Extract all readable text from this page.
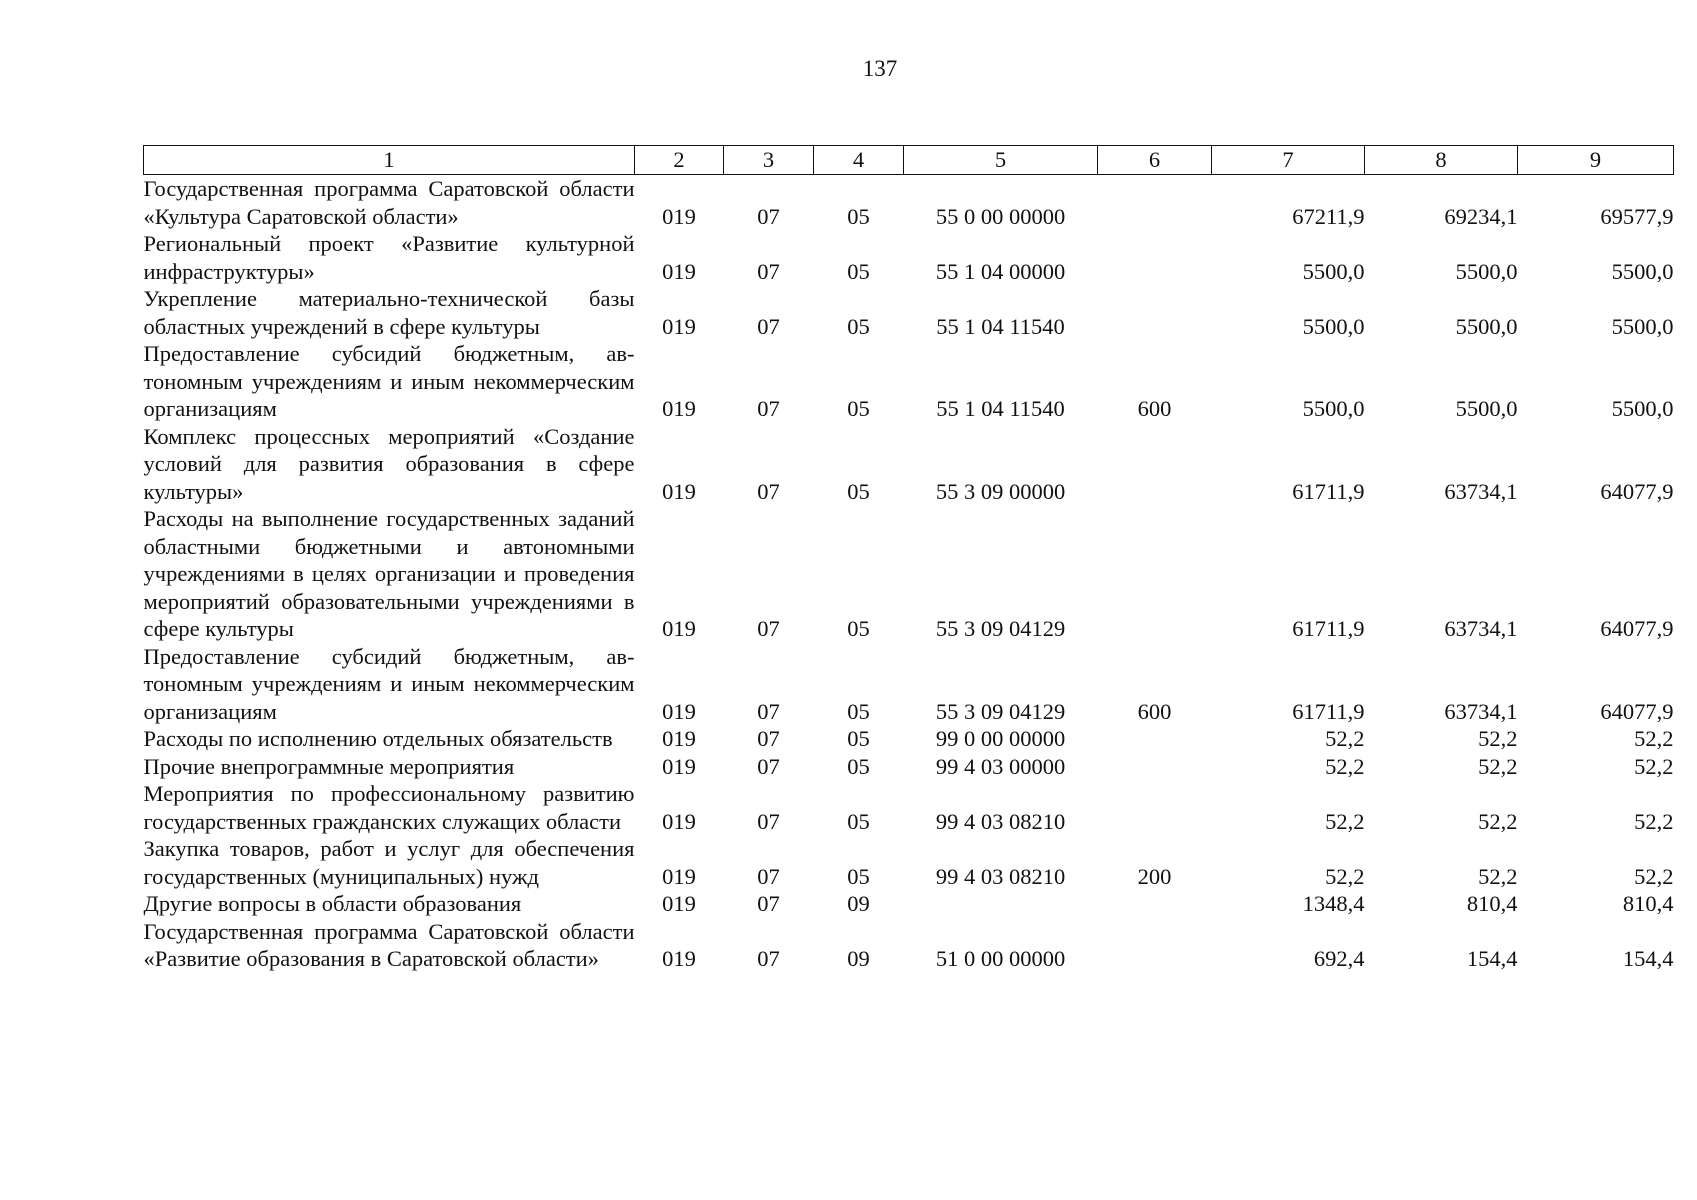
137
1	2	3	4	5	6	7	8	9
Государственная программа Саратовской области «Культура Саратовской области»	019	07	05	55 0 00 00000		67211,9	69234,1	69577,9
Региональный проект «Развитие культурной инфраструктуры»	019	07	05	55 1 04 00000		5500,0	5500,0	5500,0
Укрепление материально-технической базы областных учреждений в сфере культуры	019	07	05	55 1 04 11540		5500,0	5500,0	5500,0
Предоставление субсидий бюджетным, автономным учреждениям и иным некоммерческим организациям	019	07	05	55 1 04 11540	600	5500,0	5500,0	5500,0
Комплекс процессных мероприятий «Создание условий для развития образования в сфере культуры»	019	07	05	55 3 09 00000		61711,9	63734,1	64077,9
Расходы на выполнение государственных заданий областными бюджетными и автономными учреждениями в целях организации и проведения мероприятий образовательными учреждениями в сфере культуры	019	07	05	55 3 09 04129		61711,9	63734,1	64077,9
Предоставление субсидий бюджетным, автономным учреждениям и иным некоммерческим организациям	019	07	05	55 3 09 04129	600	61711,9	63734,1	64077,9
Расходы по исполнению отдельных обязательств	019	07	05	99 0 00 00000		52,2	52,2	52,2
Прочие внепрограммные мероприятия	019	07	05	99 4 03 00000		52,2	52,2	52,2
Мероприятия по профессиональному развитию государственных гражданских служащих области	019	07	05	99 4 03 08210		52,2	52,2	52,2
Закупка товаров, работ и услуг для обеспечения государственных (муниципальных) нужд	019	07	05	99 4 03 08210	200	52,2	52,2	52,2
Другие вопросы в области образования	019	07	09			1348,4	810,4	810,4
Государственная программа Саратовской области «Развитие образования в Саратовской области»	019	07	09	51 0 00 00000		692,4	154,4	154,4
